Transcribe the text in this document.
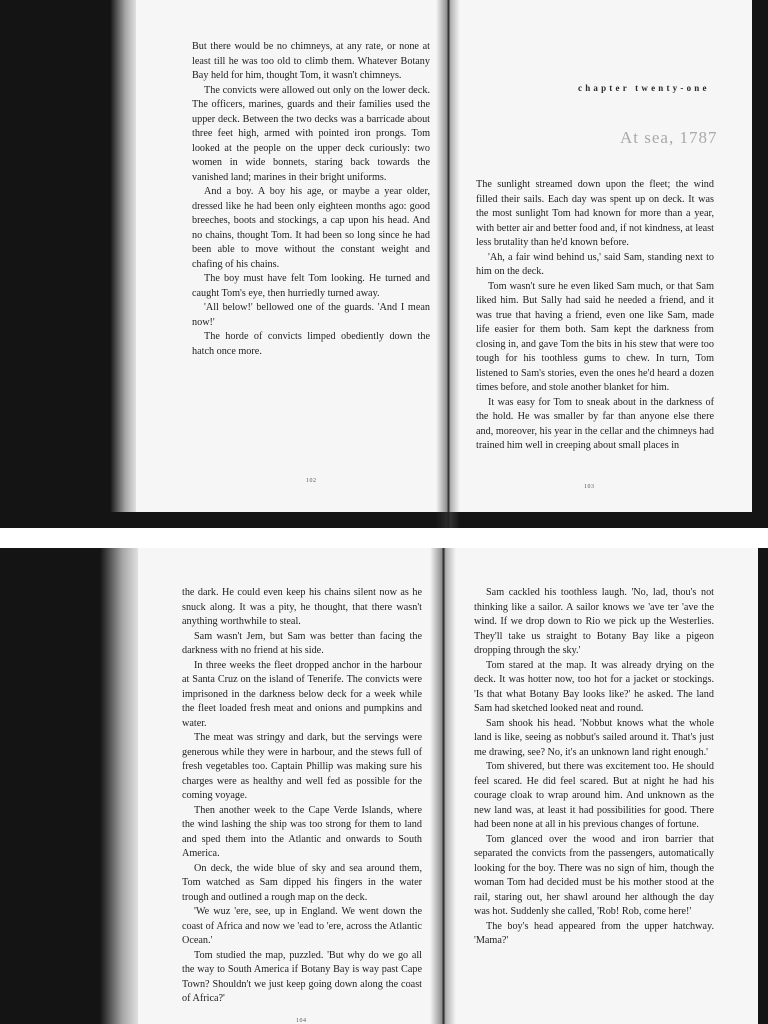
But there would be no chimneys, at any rate, or none at least till he was too old to climb them. Whatever Botany Bay held for him, thought Tom, it wasn't chimneys.

The convicts were allowed out only on the lower deck. The officers, marines, guards and their families used the upper deck. Between the two decks was a barricade about three feet high, armed with pointed iron prongs. Tom looked at the people on the upper deck curiously: two women in wide bonnets, staring back towards the vanished land; marines in their bright uniforms.

And a boy. A boy his age, or maybe a year older, dressed like he had been only eighteen months ago: good breeches, boots and stockings, a cap upon his head. And no chains, thought Tom. It had been so long since he had been able to move without the constant weight and chafing of his chains.

The boy must have felt Tom looking. He turned and caught Tom's eye, then hurriedly turned away.

'All below!' bellowed one of the guards. 'And I mean now!'

The horde of convicts limped obediently down the hatch once more.

102
chapter twenty-one
At sea, 1787

The sunlight streamed down upon the fleet; the wind filled their sails. Each day was spent up on deck. It was the most sunlight Tom had known for more than a year, with better air and better food and, if not kindness, at least less brutality than he'd known before.

'Ah, a fair wind behind us,' said Sam, standing next to him on the deck.

Tom wasn't sure he even liked Sam much, or that Sam liked him. But Sally had said he needed a friend, and it was true that having a friend, even one like Sam, made life easier for them both. Sam kept the darkness from closing in, and gave Tom the bits in his stew that were too tough for his toothless gums to chew. In turn, Tom listened to Sam's stories, even the ones he'd heard a dozen times before, and stole another blanket for him.

It was easy for Tom to sneak about in the darkness of the hold. He was smaller by far than anyone else there and, moreover, his year in the cellar and the chimneys had trained him well in creeping about small places in

103

the dark. He could even keep his chains silent now as he snuck along. It was a pity, he thought, that there wasn't anything worthwhile to steal.

Sam wasn't Jem, but Sam was better than facing the darkness with no friend at his side.

In three weeks the fleet dropped anchor in the harbour at Santa Cruz on the island of Tenerife. The convicts were imprisoned in the darkness below deck for a week while the fleet loaded fresh meat and onions and pumpkins and water.

The meat was stringy and dark, but the servings were generous while they were in harbour, and the stews full of fresh vegetables too. Captain Phillip was making sure his charges were as healthy and well fed as possible for the coming voyage.

Then another week to the Cape Verde Islands, where the wind lashing the ship was too strong for them to land and sped them into the Atlantic and onwards to South America.

On deck, the wide blue of sky and sea around them, Tom watched as Sam dipped his fingers in the water trough and outlined a rough map on the deck.

'We wuz 'ere, see, up in England. We went down the coast of Africa and now we 'ead to 'ere, across the Atlantic Ocean.'

Tom studied the map, puzzled. 'But why do we go all the way to South America if Botany Bay is way past Cape Town? Shouldn't we just keep going down along the coast of Africa?'

104

Sam cackled his toothless laugh. 'No, lad, thou's not thinking like a sailor. A sailor knows we 'ave ter 'ave the wind. If we drop down to Rio we pick up the Westerlies. They'll take us straight to Botany Bay like a pigeon dropping through the sky.'

Tom stared at the map. It was already drying on the deck. It was hotter now, too hot for a jacket or stockings. 'Is that what Botany Bay looks like?' he asked. The land Sam had sketched looked neat and round.

Sam shook his head. 'Nobbut knows what the whole land is like, seeing as nobbut's sailed around it. That's just me drawing, see? No, it's an unknown land right enough.'

Tom shivered, but there was excitement too. He should feel scared. He did feel scared. But at night he had his courage cloak to wrap around him. And unknown as the new land was, at least it had possibilities for good. There had been none at all in his previous changes of fortune.

Tom glanced over the wood and iron barrier that separated the convicts from the passengers, automatically looking for the boy. There was no sign of him, though the woman Tom had decided must be his mother stood at the rail, staring out, her shawl around her although the day was hot. Suddenly she called, 'Rob! Rob, come here!'

The boy's head appeared from the upper hatchway. 'Mama?'
